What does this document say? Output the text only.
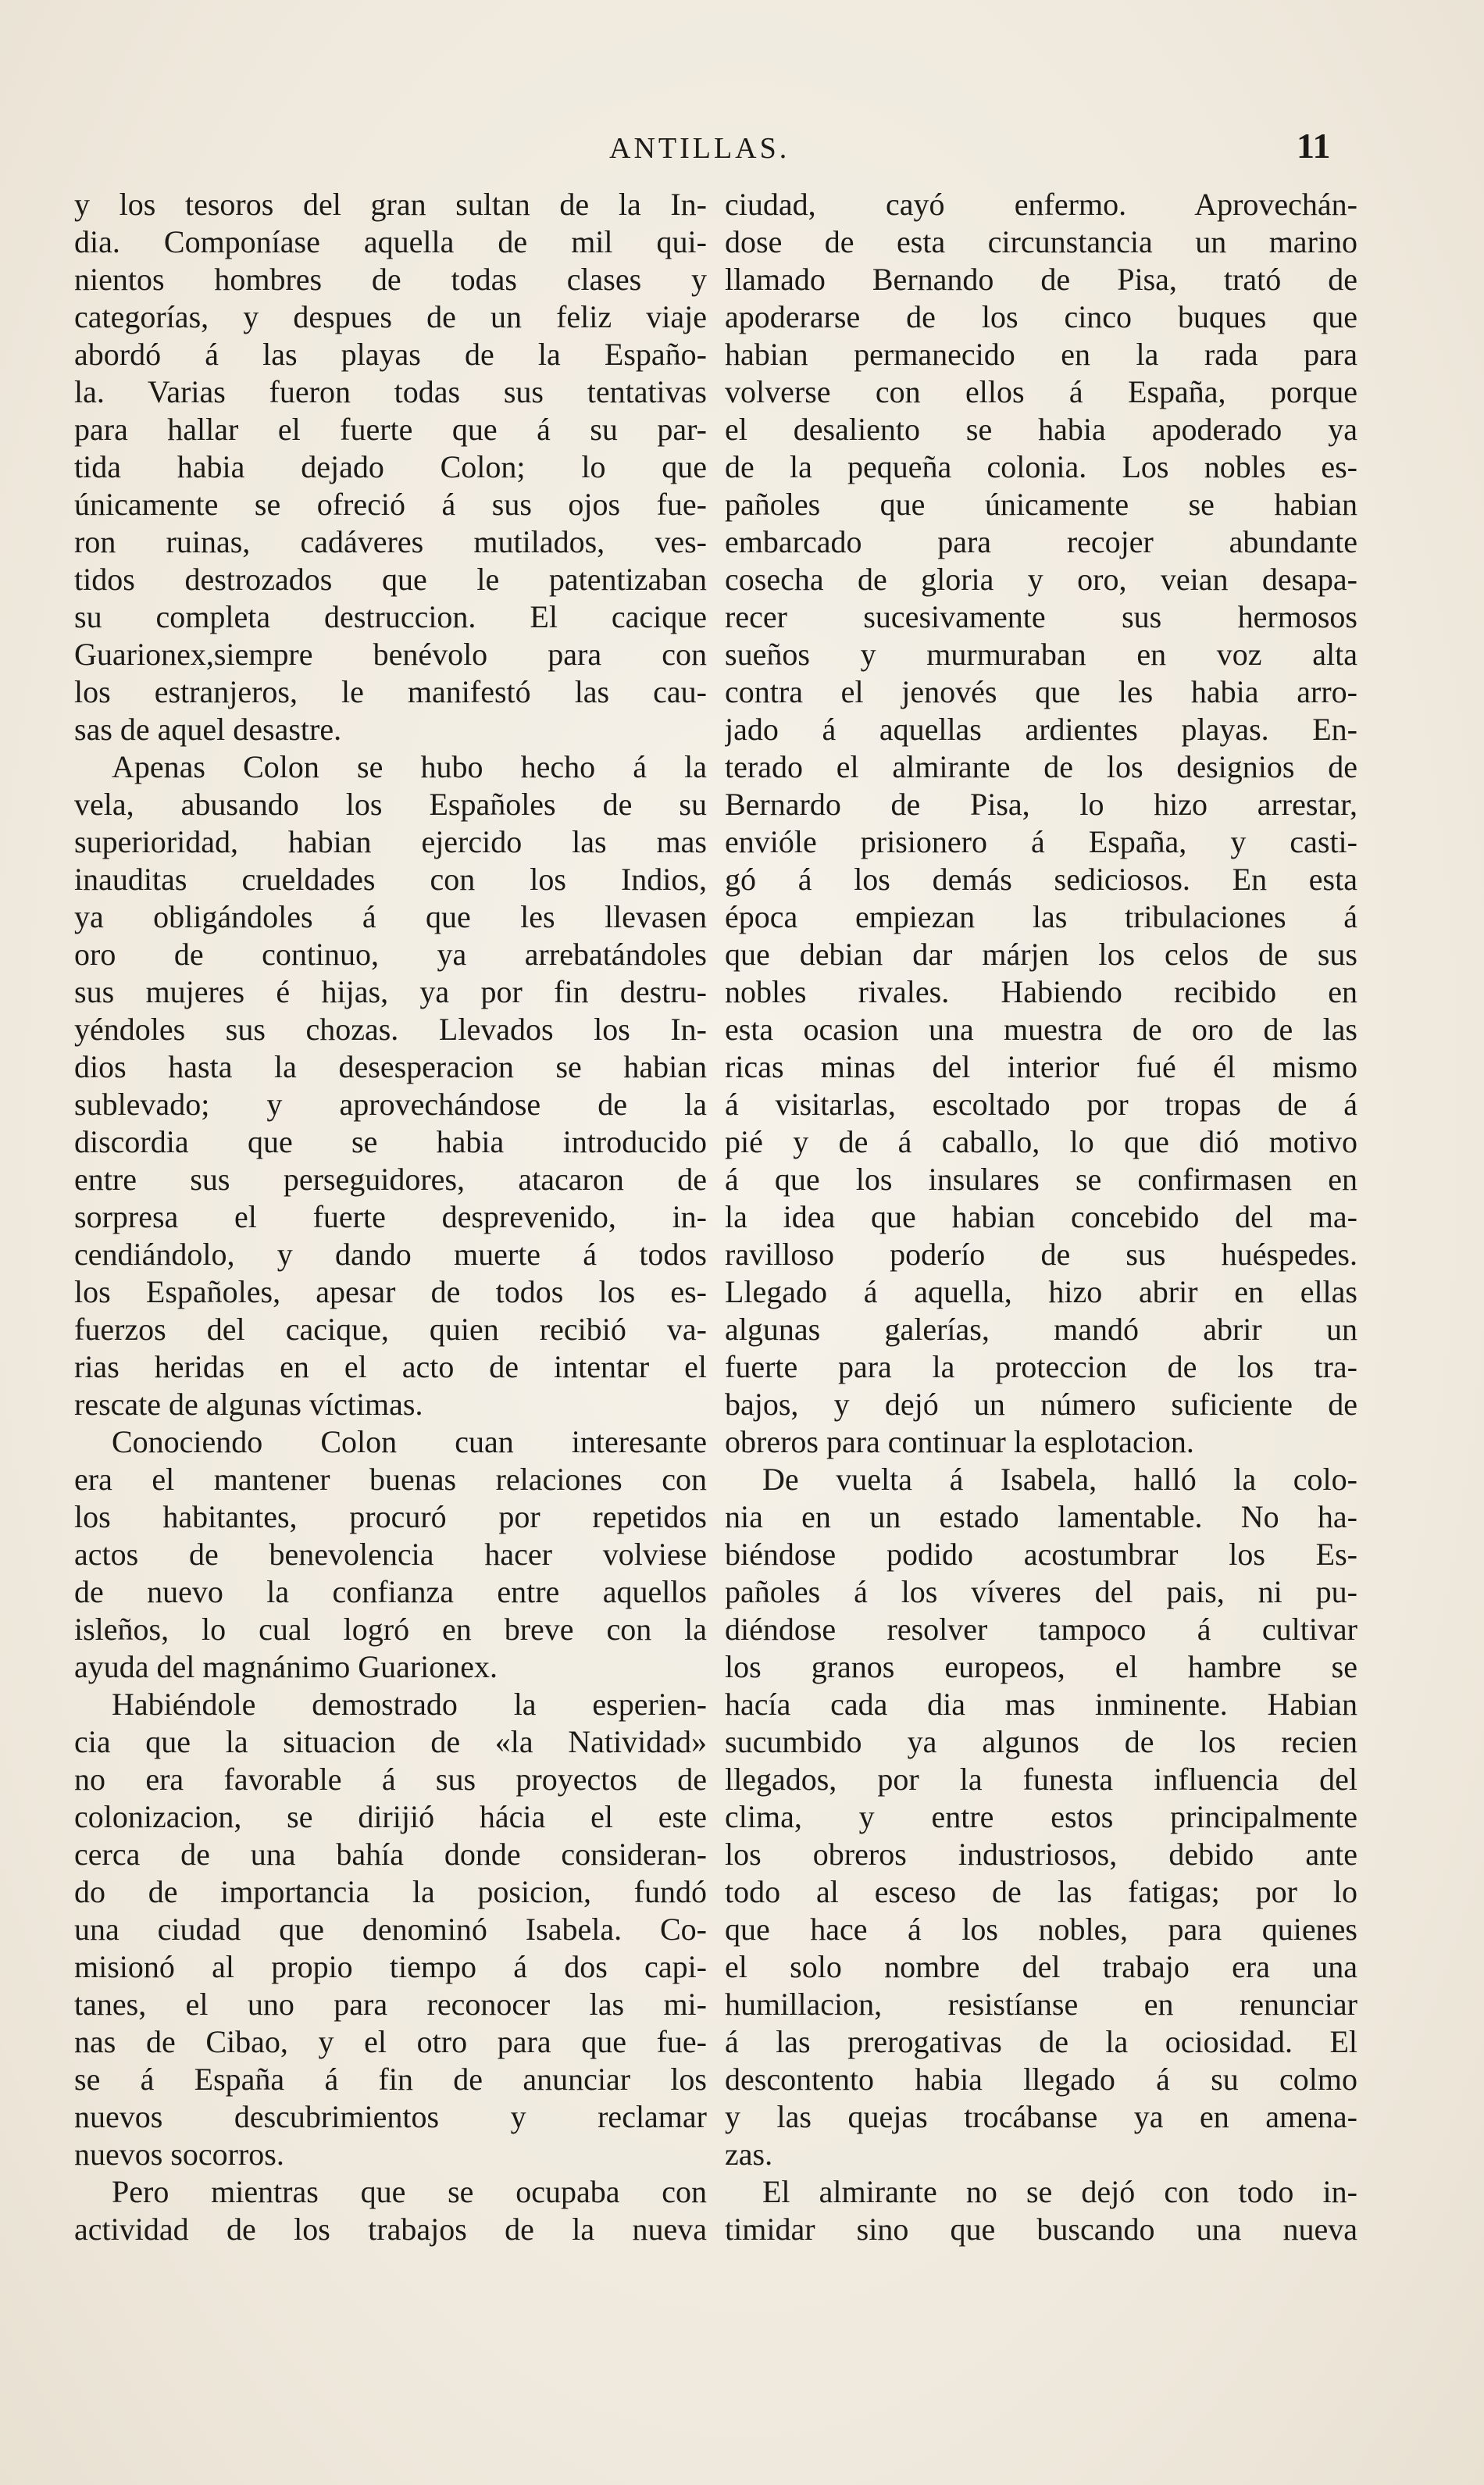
ANTILLAS.	11
y los tesoros del gran sultan de la In-
dia. Componíase aquella de mil qui-
nientos hombres de todas clases y
categorías, y despues de un feliz viaje
abordó á las playas de la Españo-
la. Varias fueron todas sus tentativas
para hallar el fuerte que á su par-
tida habia dejado Colon; lo que
únicamente se ofreció á sus ojos fue-
ron ruinas, cadáveres mutilados, ves-
tidos destrozados que le patentizaban
su completa destruccion. El cacique
Guarionex,siempre benévolo para con
los estranjeros, le manifestó las cau-
sas de aquel desastre.
Apenas Colon se hubo hecho á la
vela, abusando los Españoles de su
superioridad, habian ejercido las mas
inauditas crueldades con los Indios,
ya obligándoles á que les llevasen
oro de continuo, ya arrebatándoles
sus mujeres é hijas, ya por fin destru-
yéndoles sus chozas. Llevados los In-
dios hasta la desesperacion se habian
sublevado; y aprovechándose de la
discordia que se habia introducido
entre sus perseguidores, atacaron de
sorpresa el fuerte desprevenido, in-
cendiándolo, y dando muerte á todos
los Españoles, apesar de todos los es-
fuerzos del cacique, quien recibió va-
rias heridas en el acto de intentar el
rescate de algunas víctimas.
Conociendo Colon cuan interesante
era el mantener buenas relaciones con
los habitantes, procuró por repetidos
actos de benevolencia hacer volviese
de nuevo la confianza entre aquellos
isleños, lo cual logró en breve con la
ayuda del magnánimo Guarionex.
Habiéndole demostrado la esperien-
cia que la situacion de «la Natividad»
no era favorable á sus proyectos de
colonizacion, se dirijió hácia el este
cerca de una bahía donde consideran-
do de importancia la posicion, fundó
una ciudad que denominó Isabela. Co-
misionó al propio tiempo á dos capi-
tanes, el uno para reconocer las mi-
nas de Cibao, y el otro para que fue-
se á España á fin de anunciar los
nuevos descubrimientos y reclamar
nuevos socorros.
Pero mientras que se ocupaba con
actividad de los trabajos de la nueva
ciudad, cayó enfermo. Aprovechán-
dose de esta circunstancia un marino
llamado Bernando de Pisa, trató de
apoderarse de los cinco buques que
habian permanecido en la rada para
volverse con ellos á España, porque
el desaliento se habia apoderado ya
de la pequeña colonia. Los nobles es-
pañoles que únicamente se habian
embarcado para recojer abundante
cosecha de gloria y oro, veian desapa-
recer sucesivamente sus hermosos
sueños y murmuraban en voz alta
contra el jenovés que les habia arro-
jado á aquellas ardientes playas. En-
terado el almirante de los designios de
Bernardo de Pisa, lo hizo arrestar,
envióle prisionero á España, y casti-
gó á los demás sediciosos. En esta
época empiezan las tribulaciones á
que debian dar márjen los celos de sus
nobles rivales. Habiendo recibido en
esta ocasion una muestra de oro de las
ricas minas del interior fué él mismo
á visitarlas, escoltado por tropas de á
pié y de á caballo, lo que dió motivo
á que los insulares se confirmasen en
la idea que habian concebido del ma-
ravilloso poderío de sus huéspedes.
Llegado á aquella, hizo abrir en ellas
algunas galerías, mandó abrir un
fuerte para la proteccion de los tra-
bajos, y dejó un número suficiente de
obreros para continuar la esplotacion.
De vuelta á Isabela, halló la colo-
nia en un estado lamentable. No ha-
biéndose podido acostumbrar los Es-
pañoles á los víveres del pais, ni pu-
diéndose resolver tampoco á cultivar
los granos europeos, el hambre se
hacía cada dia mas inminente. Habian
sucumbido ya algunos de los recien
llegados, por la funesta influencia del
clima, y entre estos principalmente
los obreros industriosos, debido ante
todo al esceso de las fatigas; por lo
que hace á los nobles, para quienes
el solo nombre del trabajo era una
humillacion, resistíanse en renunciar
á las prerogativas de la ociosidad. El
descontento habia llegado á su colmo
y las quejas trocábanse ya en amena-
zas.
El almirante no se dejó con todo in-
timidar sino que buscando una nueva
